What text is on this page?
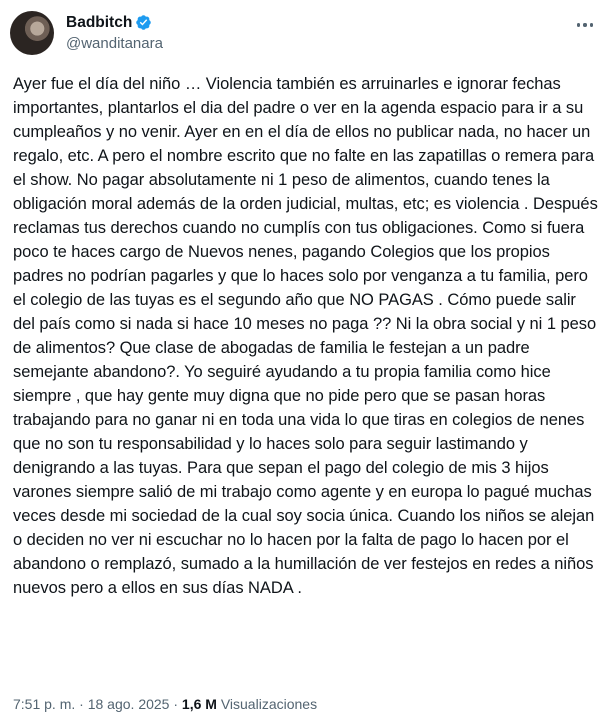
Badbitch
@wanditanara
Ayer fue el día del niño … Violencia también es arruinarles e ignorar fechas importantes, plantarlos el dia del padre o ver en la agenda espacio para ir a su cumpleaños y no venir. Ayer en en el día de ellos no publicar nada, no hacer un regalo, etc. A pero el nombre escrito que no falte en las zapatillas o remera para el show. No pagar absolutamente ni 1 peso de alimentos, cuando tenes la obligación moral además de la orden judicial, multas, etc; es violencia . Después reclamas tus derechos cuando no cumplís con tus obligaciones. Como si fuera poco te haces cargo de Nuevos nenes, pagando Colegios que los propios padres no podrían pagarles y que lo haces solo por venganza a tu familia, pero el colegio de las tuyas es el segundo año que NO PAGAS . Cómo puede salir del país como si nada si hace 10 meses no paga ?? Ni la obra social y ni 1 peso de alimentos? Que clase de abogadas de familia le festejan a un padre semejante abandono?. Yo seguiré ayudando a tu propia familia como hice siempre , que hay gente muy digna que no pide pero que se pasan horas trabajando para no ganar ni en toda una vida lo que tiras en colegios de nenes que no son tu responsabilidad y lo haces solo para seguir lastimando y denigrando a las tuyas. Para que sepan el pago del colegio de mis 3 hijos varones siempre salió de mi trabajo como agente y en europa lo pagué muchas veces desde mi sociedad de la cual soy socia única. Cuando los niños se alejan o deciden no ver ni escuchar no lo hacen por la falta de pago lo hacen por el abandono o remplazó, sumado a la humillación de ver festejos en redes a niños nuevos pero a ellos en sus días NADA .
7:51 p. m. · 18 ago. 2025 · 1,6 M Visualizaciones
